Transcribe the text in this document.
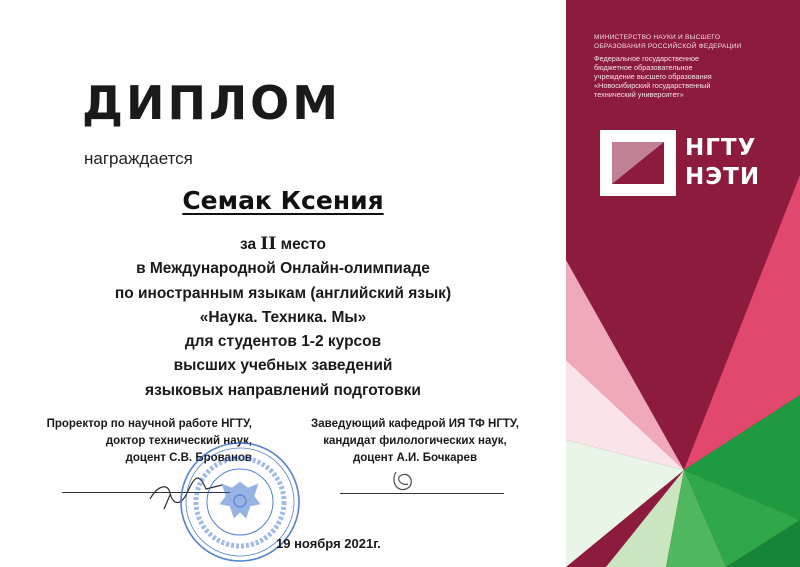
ДИПЛОМ
награждается
Семак Ксения
за II место
в Международной Онлайн-олимпиаде
по иностранным языкам (английский язык)
«Наука. Техника. Мы»
для студентов 1-2 курсов
высших учебных заведений
языковых направлений подготовки
Проректор по научной работе НГТУ,
доктор технический наук,
доцент С.В. Брованов
Заведующий кафедрой ИЯ ТФ НГТУ,
кандидат филологических наук,
доцент А.И. Бочкарев
19 ноября 2021г.
МИНИСТЕРСТВО НАУКИ И ВЫСШЕГО
ОБРАЗОВАНИЯ РОССИЙСКОЙ ФЕДЕРАЦИИ
Федеральное государственное
бюджетное образовательное
учреждение высшего образования
«Новосибирский государственный
технический университет»
НГТУ
НЭТИ
